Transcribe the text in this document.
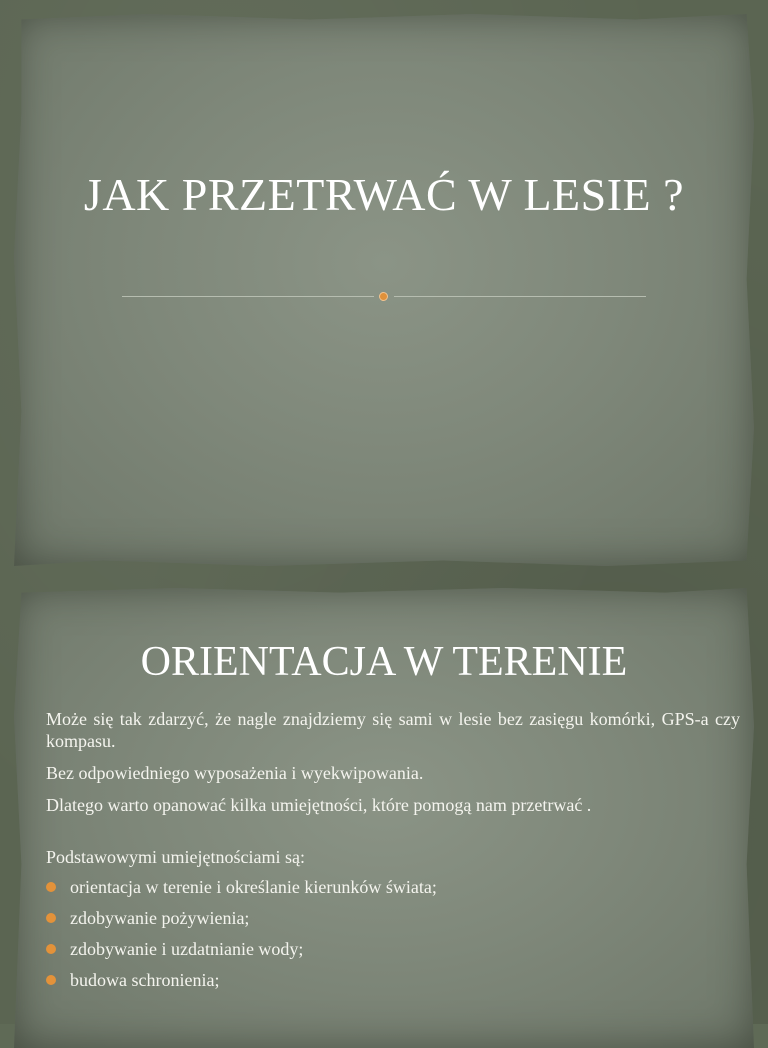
JAK PRZETRWAĆ W LESIE ?
ORIENTACJA W TERENIE

Może się tak zdarzyć, że nagle znajdziemy się sami w lesie bez zasięgu komórki, GPS-a czy kompasu.

Bez odpowiedniego wyposażenia i wyekwipowania.

Dlatego warto opanować kilka umiejętności, które pomogą nam przetrwać .

Podstawowymi umiejętnościami są:

orientacja w terenie i określanie kierunków świata;
zdobywanie pożywienia;
zdobywanie i uzdatnianie wody;
budowa schronienia;
